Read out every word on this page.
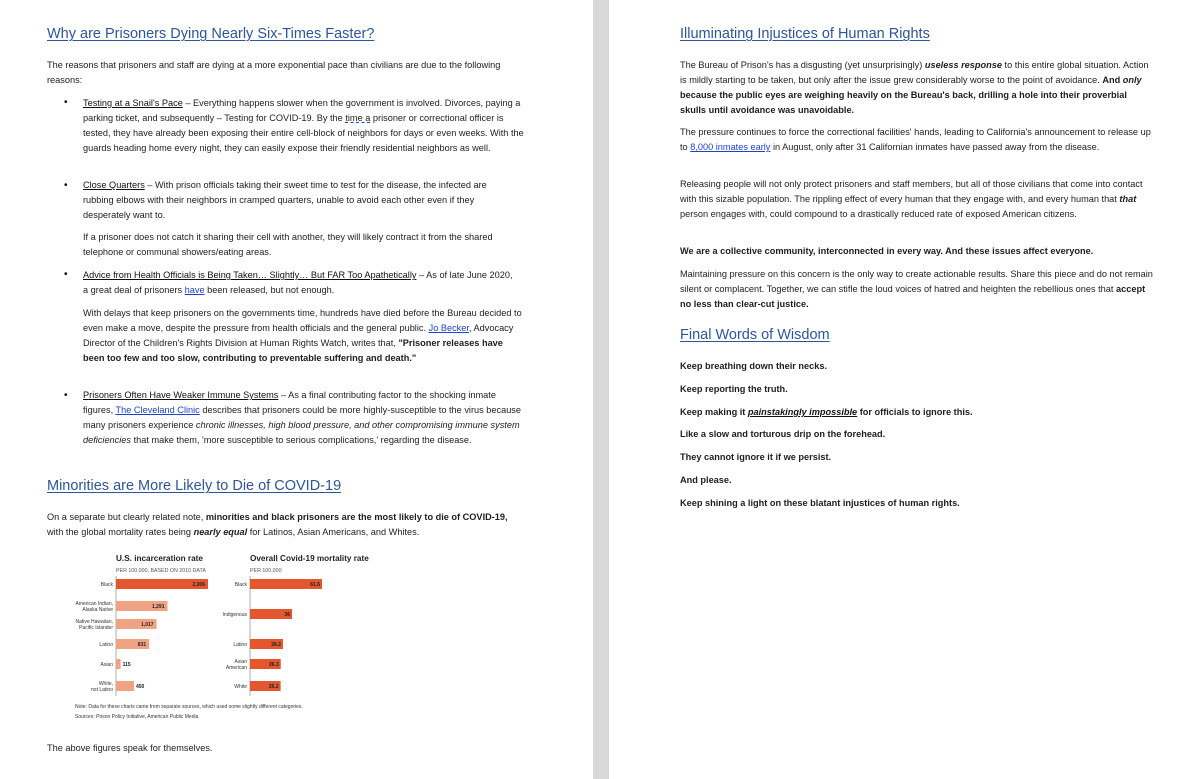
Why are Prisoners Dying Nearly Six-Times Faster?
The reasons that prisoners and staff are dying at a more exponential pace than civilians are due to the following reasons:
• Testing at a Snail's Pace – Everything happens slower when the government is involved. Divorces, paying a parking ticket, and subsequently – Testing for COVID-19. By the time a prisoner or correctional officer is tested, they have already been exposing their entire cell-block of neighbors for days or even weeks. With the guards heading home every night, they can easily expose their friendly residential neighbors as well.
• Close Quarters – With prison officials taking their sweet time to test for the disease, the infected are rubbing elbows with their neighbors in cramped quarters, unable to avoid each other even if they desperately want to.
If a prisoner does not catch it sharing their cell with another, they will likely contract it from the shared telephone or communal showers/eating areas.
• Advice from Health Officials is Being Taken… Slightly… But FAR Too Apathetically – As of late June 2020, a great deal of prisoners have been released, but not enough.
With delays that keep prisoners on the governments time, hundreds have died before the Bureau decided to even make a move, despite the pressure from health officials and the general public. Jo Becker, Advocacy Director of the Children's Rights Division at Human Rights Watch, writes that, "Prisoner releases have been too few and too slow, contributing to preventable suffering and death."
• Prisoners Often Have Weaker Immune Systems – As a final contributing factor to the shocking inmate figures, The Cleveland Clinic describes that prisoners could be more highly-susceptible to the virus because many prisoners experience chronic illnesses, high blood pressure, and other compromising immune system deficiencies that make them, 'more susceptible to serious complications,' regarding the disease.
Minorities are More Likely to Die of COVID-19
On a separate but clearly related note, minorities and black prisoners are the most likely to die of COVID-19, with the global mortality rates being nearly equal for Latinos, Asian Americans, and Whites.
U.S. incarceration rate
PER 100,000, BASED ON 2010 DATA
Overall Covid-19 mortality rate
PER 100,000
Black	2,306
American Indian,
Alaska Native	1,291
Native Hawaiian,
Pacific Islander	1,017
Latino	831
Asian 115
White,
not Latino	450
Black	61.6
Indigenous	36
Latino	28.2
Asian
American	26.3
White	26.2
Note: Data for these charts came from separate sources, which used some slightly different categories.
Sources: Prison Policy Initiative, American Public Media
The above figures speak for themselves.
Illuminating Injustices of Human Rights
The Bureau of Prison's has a disgusting (yet unsurprisingly) useless response to this entire global situation. Action is mildly starting to be taken, but only after the issue grew considerably worse to the point of avoidance. And only because the public eyes are weighing heavily on the Bureau's back, drilling a hole into their proverbial skulls until avoidance was unavoidable.
The pressure continues to force the correctional facilities' hands, leading to California's announcement to release up to 8,000 inmates early in August, only after 31 Californian inmates have passed away from the disease.
Releasing people will not only protect prisoners and staff members, but all of those civilians that come into contact with this sizable population. The rippling effect of every human that they engage with, and every human that that person engages with, could compound to a drastically reduced rate of exposed American citizens.
We are a collective community, interconnected in every way. And these issues affect everyone.
Maintaining pressure on this concern is the only way to create actionable results. Share this piece and do not remain silent or complacent. Together, we can stifle the loud voices of hatred and heighten the rebellious ones that accept no less than clear-cut justice.
Final Words of Wisdom
Keep breathing down their necks.
Keep reporting the truth.
Keep making it painstakingly impossible for officials to ignore this.
Like a slow and torturous drip on the forehead.
They cannot ignore it if we persist.
And please.
Keep shining a light on these blatant injustices of human rights.
